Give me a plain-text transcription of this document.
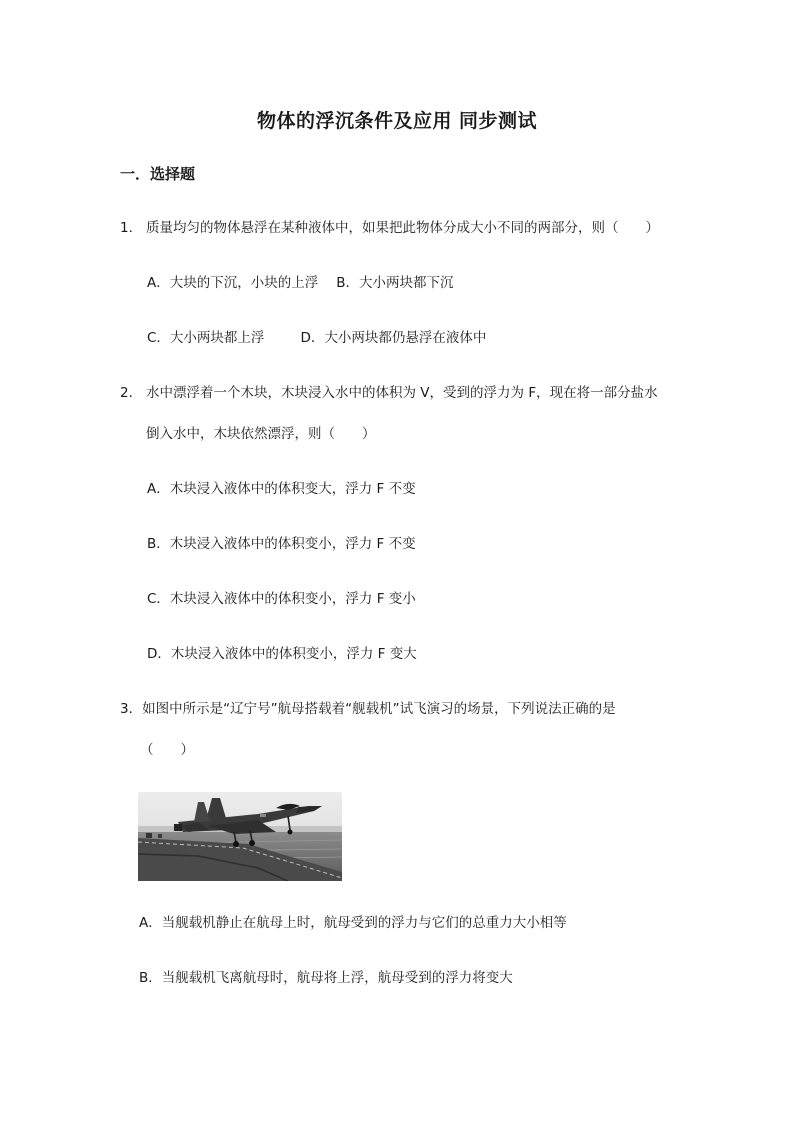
物体的浮沉条件及应用 同步测试
一．选择题
1. 质量均匀的物体悬浮在某种液体中，如果把此物体分成大小不同的两部分，则（　　）
A．大块的下沉，小块的上浮 B．大小两块都下沉
C．大小两块都上浮	D．大小两块都仍悬浮在液体中
2. 水中漂浮着一个木块，木块浸入水中的体积为 V，受到的浮力为 F，现在将一部分盐水
倒入水中，木块依然漂浮，则（　　）
A．木块浸入液体中的体积变大，浮力 F 不变
B．木块浸入液体中的体积变小，浮力 F 不变
C．木块浸入液体中的体积变小，浮力 F 变小
D．木块浸入液体中的体积变小，浮力 F 变大
3．如图中所示是“辽宁号”航母搭载着“舰载机”试飞演习的场景，下列说法正确的是
（　　）
A．当舰载机静止在航母上时，航母受到的浮力与它们的总重力大小相等
B．当舰载机飞离航母时，航母将上浮，航母受到的浮力将变大
